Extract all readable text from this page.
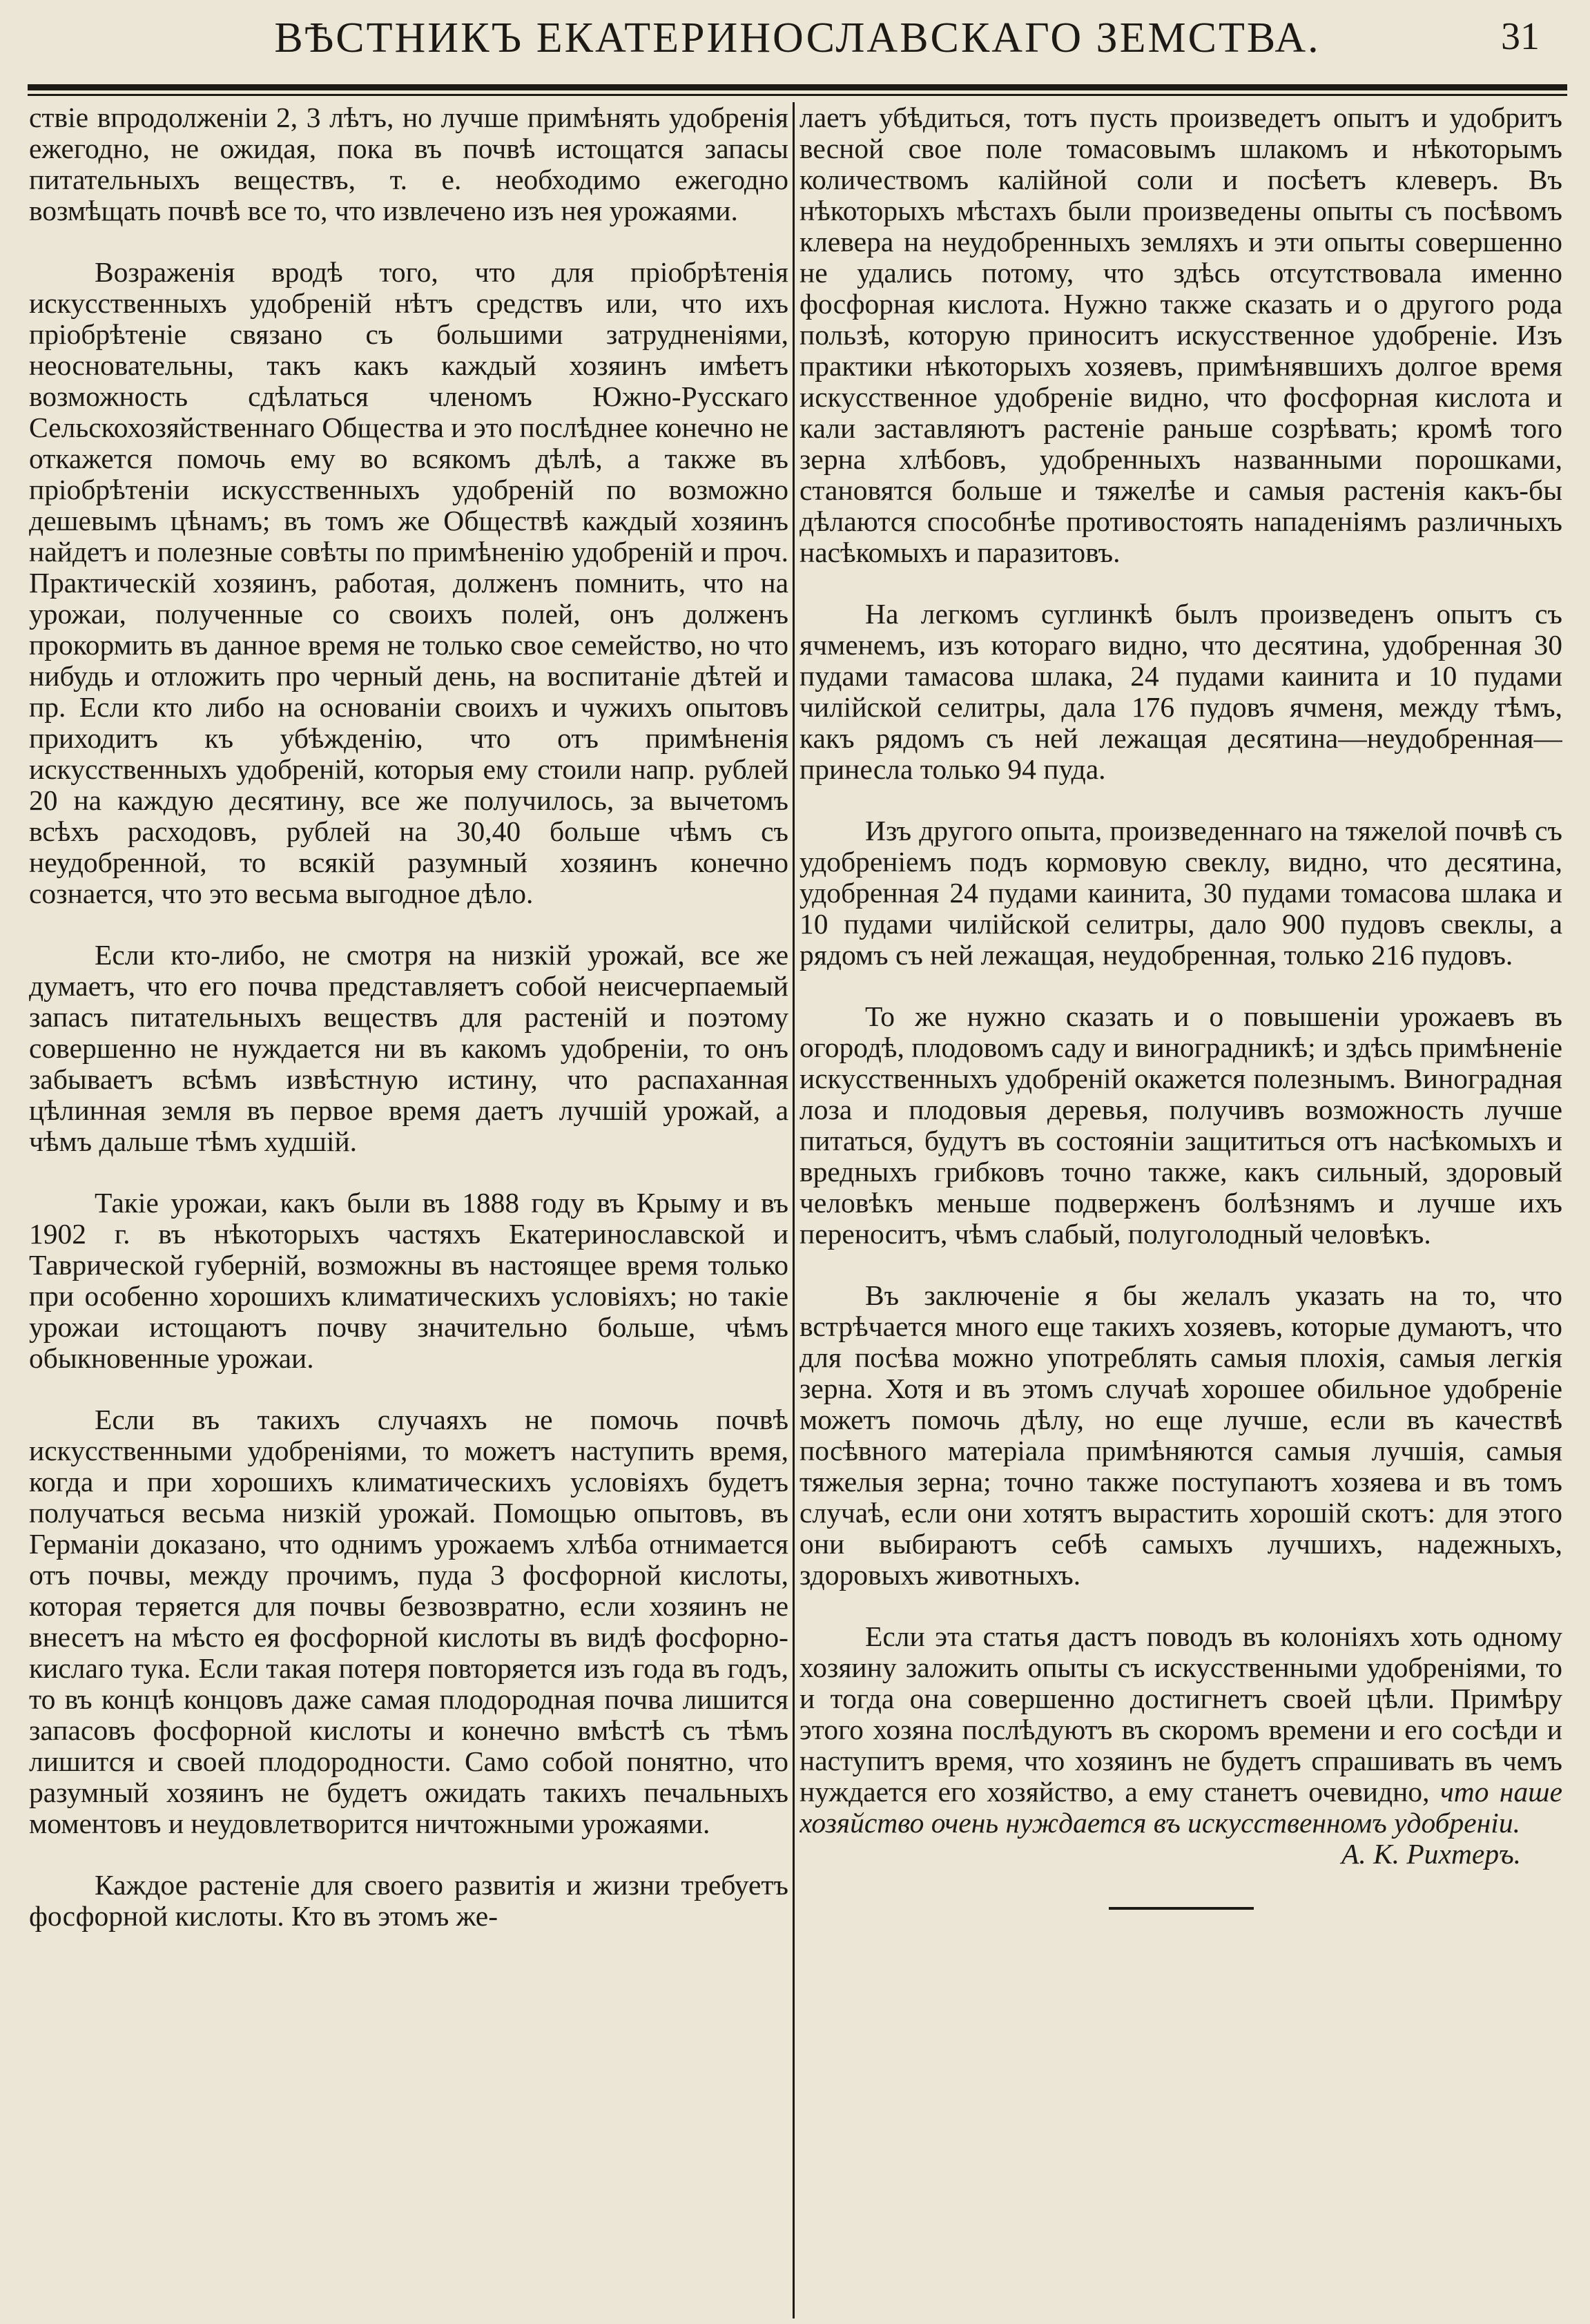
ВѢСТНИКЪ ЕКАТЕРИНОСЛАВСКАГО ЗЕМСТВА.	31

ствіе впродолженіи 2, 3 лѣтъ, но лучше примѣнять удобренія ежегодно, не ожидая, пока въ почвѣ истощатся запасы питательныхъ веществъ, т. е. необходимо ежегодно возмѣщать почвѣ все то, что извлечено изъ нея урожаями.

Возраженія вродѣ того, что для пріобрѣтенія искусственныхъ удобреній нѣтъ средствъ или, что ихъ пріобрѣтеніе связано съ большими затрудненіями, неосновательны, такъ какъ каждый хозяинъ имѣетъ возможность сдѣлаться членомъ Южно-Русскаго Сельскохозяйственнаго Общества и это послѣднее конечно не откажется помочь ему во всякомъ дѣлѣ, а также въ пріобрѣтеніи искусственныхъ удобреній по возможно дешевымъ цѣнамъ; въ томъ же Обществѣ каждый хозяинъ найдетъ и полезные совѣты по примѣненію удобреній и проч. Практическій хозяинъ, работая, долженъ помнить, что на урожаи, полученные со своихъ полей, онъ долженъ прокормить въ данное время не только свое семейство, но что нибудь и отложить про черный день, на воспитаніе дѣтей и пр. Если кто либо на основаніи своихъ и чужихъ опытовъ приходитъ къ убѣжденію, что отъ примѣненія искусственныхъ удобреній, которыя ему стоили напр. рублей 20 на каждую десятину, все же получилось, за вычетомъ всѣхъ расходовъ, рублей на 30,40 больше чѣмъ съ неудобренной, то всякій разумный хозяинъ конечно сознается, что это весьма выгодное дѣло.

Если кто-либо, не смотря на низкій урожай, все же думаетъ, что его почва представляетъ собой неисчерпаемый запасъ питательныхъ веществъ для растеній и поэтому совершенно не нуждается ни въ какомъ удобреніи, то онъ забываетъ всѣмъ извѣстную истину, что распаханная цѣлинная земля въ первое время даетъ лучшій урожай, а чѣмъ дальше тѣмъ худшій.

Такіе урожаи, какъ были въ 1888 году въ Крыму и въ 1902 г. въ нѣкоторыхъ частяхъ Екатеринославской и Таврической губерній, возможны въ настоящее время только при особенно хорошихъ климатическихъ условіяхъ; но такіе урожаи истощаютъ почву значительно больше, чѣмъ обыкновенные урожаи.

Если въ такихъ случаяхъ не помочь почвѣ искусственными удобреніями, то можетъ наступить время, когда и при хорошихъ климатическихъ условіяхъ будетъ получаться весьма низкій урожай. Помощью опытовъ, въ Германіи доказано, что однимъ урожаемъ хлѣба отнимается отъ почвы, между прочимъ, пуда 3 фосфорной кислоты, которая теряется для почвы безвозвратно, если хозяинъ не внесетъ на мѣсто ея фосфорной кислоты въ видѣ фосфорно-кислаго тука. Если такая потеря повторяется изъ года въ годъ, то въ концѣ концовъ даже самая плодородная почва лишится запасовъ фосфорной кислоты и конечно вмѣстѣ съ тѣмъ лишится и своей плодородности. Само собой понятно, что разумный хозяинъ не будетъ ожидать такихъ печальныхъ моментовъ и неудовлетворится ничтожными урожаями.

Каждое растеніе для своего развитія и жизни требуетъ фосфорной кислоты. Кто въ этомъ же-

лаетъ убѣдиться, тотъ пусть произведетъ опытъ и удобритъ весной свое поле томасовымъ шлакомъ и нѣкоторымъ количествомъ калійной соли и посѣетъ клеверъ. Въ нѣкоторыхъ мѣстахъ были произведены опыты съ посѣвомъ клевера на неудобренныхъ земляхъ и эти опыты совершенно не удались потому, что здѣсь отсутствовала именно фосфорная кислота. Нужно также сказать и о другого рода пользѣ, которую приноситъ искусственное удобреніе. Изъ практики нѣкоторыхъ хозяевъ, примѣнявшихъ долгое время искусственное удобреніе видно, что фосфорная кислота и кали заставляютъ растеніе раньше созрѣвать; кромѣ того зерна хлѣбовъ, удобренныхъ названными порошками, становятся больше и тяжелѣе и самыя растенія какъ-бы дѣлаются способнѣе противостоять нападеніямъ различныхъ насѣкомыхъ и паразитовъ.

На легкомъ суглинкѣ былъ произведенъ опытъ съ ячменемъ, изъ котораго видно, что десятина, удобренная 30 пудами тамасова шлака, 24 пудами каинита и 10 пудами чилійской селитры, дала 176 пудовъ ячменя, между тѣмъ, какъ рядомъ съ ней лежащая десятина—неудобренная—принесла только 94 пуда.

Изъ другого опыта, произведеннаго на тяжелой почвѣ съ удобреніемъ подъ кормовую свеклу, видно, что десятина, удобренная 24 пудами каинита, 30 пудами томасова шлака и 10 пудами чилійской селитры, дало 900 пудовъ свеклы, а рядомъ съ ней лежащая, неудобренная, только 216 пудовъ.

То же нужно сказать и о повышеніи урожаевъ въ огородѣ, плодовомъ саду и виноградникѣ; и здѣсь примѣненіе искусственныхъ удобреній окажется полезнымъ. Виноградная лоза и плодовыя деревья, получивъ возможность лучше питаться, будутъ въ состояніи защититься отъ насѣкомыхъ и вредныхъ грибковъ точно также, какъ сильный, здоровый человѣкъ меньше подверженъ болѣзнямъ и лучше ихъ переноситъ, чѣмъ слабый, полуголодный человѣкъ.

Въ заключеніе я бы желалъ указать на то, что встрѣчается много еще такихъ хозяевъ, которые думаютъ, что для посѣва можно употреблять самыя плохія, самыя легкія зерна. Хотя и въ этомъ случаѣ хорошее обильное удобреніе можетъ помочь дѣлу, но еще лучше, если въ качествѣ посѣвного матеріала примѣняются самыя лучшія, самыя тяжелыя зерна; точно также поступаютъ хозяева и въ томъ случаѣ, если они хотятъ вырастить хорошій скотъ: для этого они выбираютъ себѣ самыхъ лучшихъ, надежныхъ, здоровыхъ животныхъ.

Если эта статья дастъ поводъ въ колоніяхъ хоть одному хозяину заложить опыты съ искусственными удобреніями, то и тогда она совершенно достигнетъ своей цѣли. Примѣру этого хозяна послѣдуютъ въ скоромъ времени и его сосѣди и наступитъ время, что хозяинъ не будетъ спрашивать въ чемъ нуждается его хозяйство, а ему станетъ очевидно, что наше хозяйство очень нуждается въ искусственномъ удобреніи.

А. К. Рихтеръ.
